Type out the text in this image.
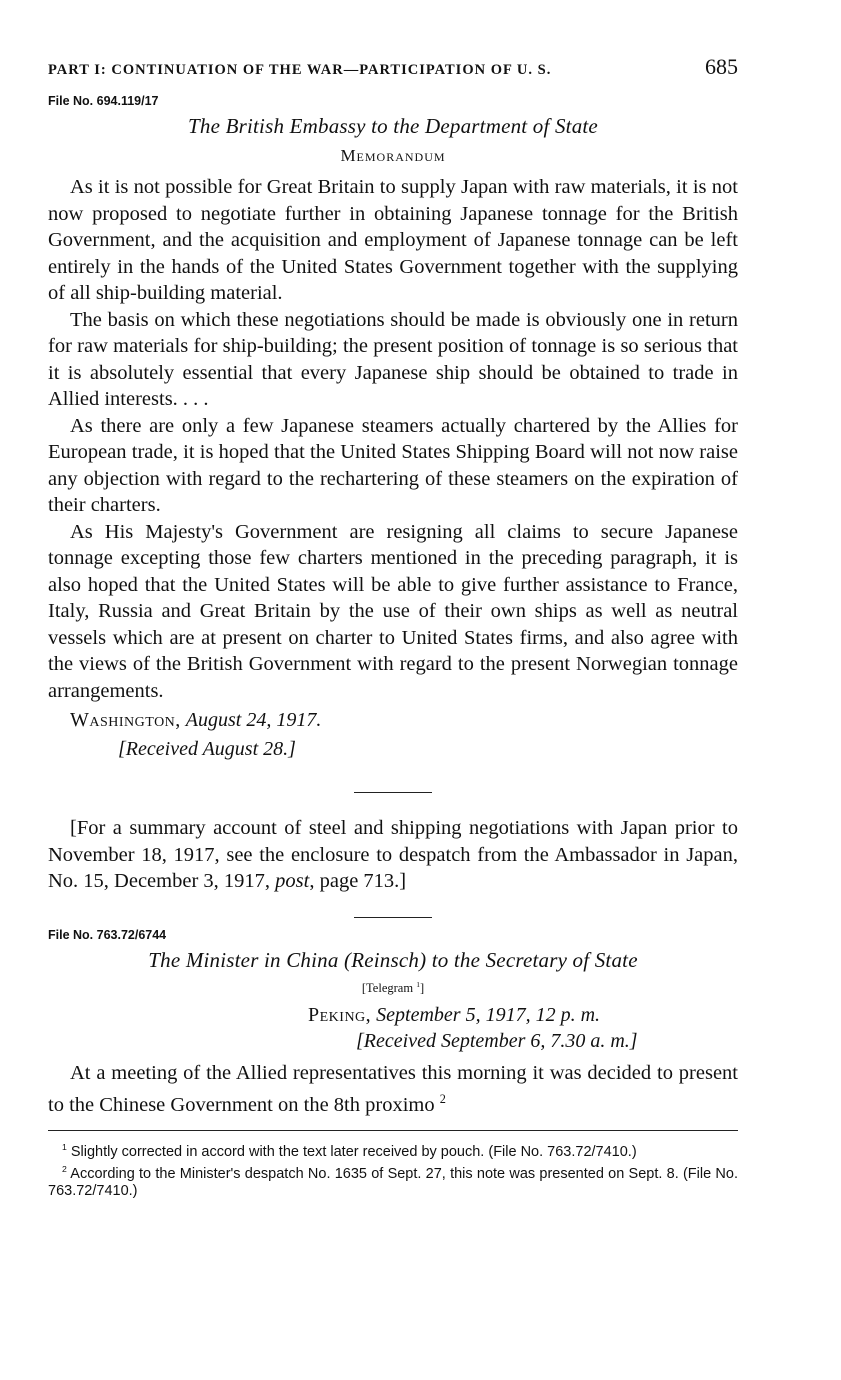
PART I: CONTINUATION OF THE WAR—PARTICIPATION OF U. S.	685
File No. 694.119/17
The British Embassy to the Department of State
Memorandum

As it is not possible for Great Britain to supply Japan with raw materials, it is not now proposed to negotiate further in obtaining Japanese tonnage for the British Government, and the acquisition and employment of Japanese tonnage can be left entirely in the hands of the United States Government together with the supplying of all ship-building material.

The basis on which these negotiations should be made is obviously one in return for raw materials for ship-building; the present position of tonnage is so serious that it is absolutely essential that every Japanese ship should be obtained to trade in Allied interests. . . .

As there are only a few Japanese steamers actually chartered by the Allies for European trade, it is hoped that the United States Shipping Board will not now raise any objection with regard to the rechartering of these steamers on the expiration of their charters.

As His Majesty's Government are resigning all claims to secure Japanese tonnage excepting those few charters mentioned in the preceding paragraph, it is also hoped that the United States will be able to give further assistance to France, Italy, Russia and Great Britain by the use of their own ships as well as neutral vessels which are at present on charter to United States firms, and also agree with the views of the British Government with regard to the present Norwegian tonnage arrangements.

Washington, August 24, 1917.
[Received August 28.]

[For a summary account of steel and shipping negotiations with Japan prior to November 18, 1917, see the enclosure to despatch from the Ambassador in Japan, No. 15, December 3, 1917, post, page 713.]

File No. 763.72/6744
The Minister in China (Reinsch) to the Secretary of State
[Telegram $^1$]
Peking, September 5, 1917, 12 p. m.
[Received September 6, 7.30 a. m.]

At a meeting of the Allied representatives this morning it was decided to present to the Chinese Government on the 8th proximo $^2$

$^1$ Slightly corrected in accord with the text later received by pouch. (File No. 763.72/7410.)

$^2$ According to the Minister's despatch No. 1635 of Sept. 27, this note was presented on Sept. 8. (File No. 763.72/7410.)
